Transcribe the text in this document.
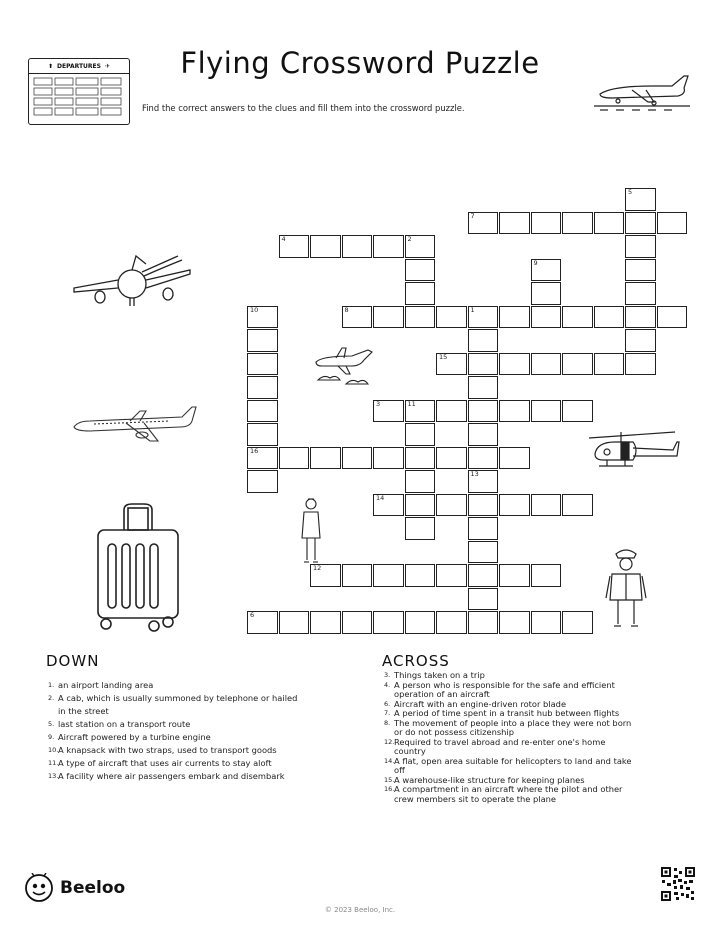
Flying Crossword Puzzle
Find the correct answers to the clues and fill them into the crossword puzzle.
⬆ DEPARTURES ✈
7
4
8	1
15
3	11
16
14
12
6
5
2
9
10
13
DOWN	ACROSS
1. an airport landing area
2. A cab, which is usually summoned by telephone or hailed in the street
5. last station on a transport route
9. Aircraft powered by a turbine engine
10. A knapsack with two straps, used to transport goods
11. A type of aircraft that uses air currents to stay aloft
13. A facility where air passengers embark and disembark
3. Things taken on a trip
4. A person who is responsible for the safe and efficient operation of an aircraft
6. Aircraft with an engine-driven rotor blade
7. A period of time spent in a transit hub between flights
8. The movement of people into a place they were not born or do not possess citizenship
12. Required to travel abroad and re-enter one's home country
14. A flat, open area suitable for helicopters to land and take off
15. A warehouse-like structure for keeping planes
16. A compartment in an aircraft where the pilot and other crew members sit to operate the plane
Beeloo
© 2023 Beeloo, Inc.
